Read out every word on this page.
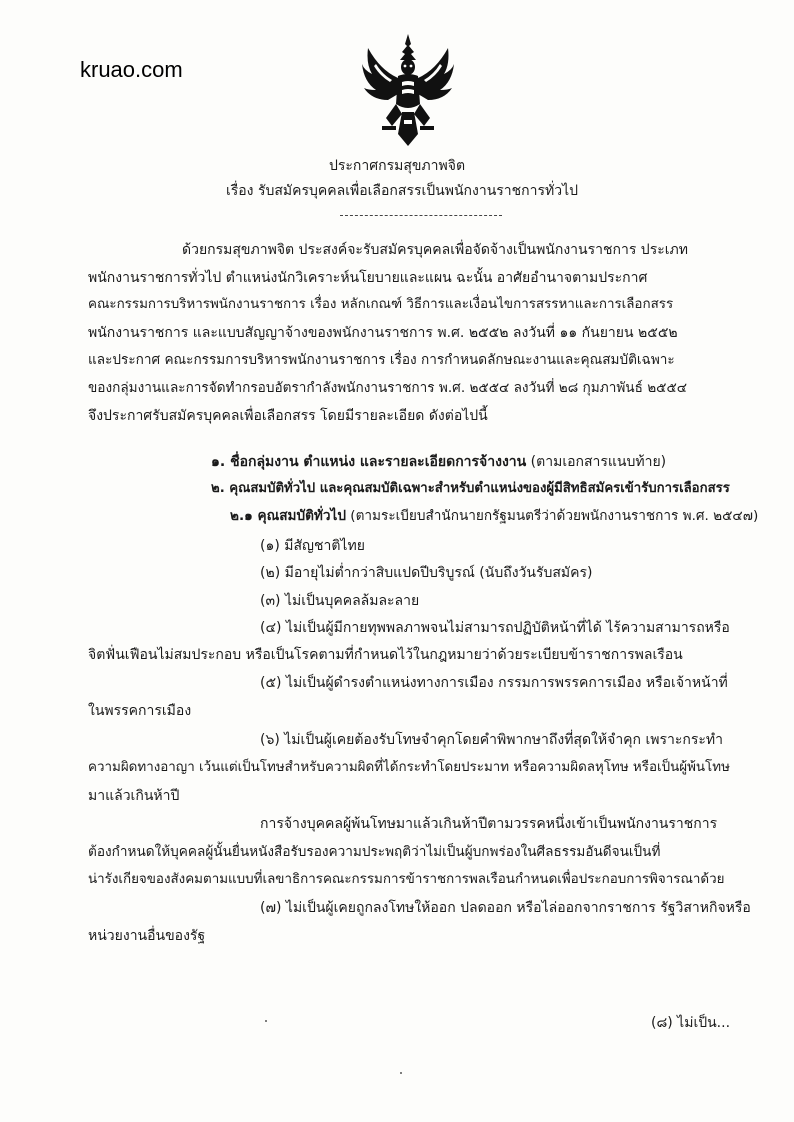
kruao.com
ประกาศกรมสุขภาพจิต
เรื่อง รับสมัครบุคคลเพื่อเลือกสรรเป็นพนักงานราชการทั่วไป
ด้วยกรมสุขภาพจิต ประสงค์จะรับสมัครบุคคลเพื่อจัดจ้างเป็นพนักงานราชการ ประเภท
พนักงานราชการทั่วไป ตำแหน่งนักวิเคราะห์นโยบายและแผน ฉะนั้น อาศัยอำนาจตามประกาศ
คณะกรรมการบริหารพนักงานราชการ เรื่อง หลักเกณฑ์ วิธีการและเงื่อนไขการสรรหาและการเลือกสรร
พนักงานราชการ และแบบสัญญาจ้างของพนักงานราชการ พ.ศ. ๒๕๕๒ ลงวันที่ ๑๑ กันยายน ๒๕๕๒
และประกาศ คณะกรรมการบริหารพนักงานราชการ เรื่อง การกำหนดลักษณะงานและคุณสมบัติเฉพาะ
ของกลุ่มงานและการจัดทำกรอบอัตรากำลังพนักงานราชการ พ.ศ. ๒๕๕๔ ลงวันที่ ๒๘ กุมภาพันธ์ ๒๕๕๔
จึงประกาศรับสมัครบุคคลเพื่อเลือกสรร โดยมีรายละเอียด ดังต่อไปนี้
๑. ชื่อกลุ่มงาน ตำแหน่ง และรายละเอียดการจ้างงาน (ตามเอกสารแนบท้าย)
๒. คุณสมบัติทั่วไป และคุณสมบัติเฉพาะสำหรับตำแหน่งของผู้มีสิทธิสมัครเข้ารับการเลือกสรร
๒.๑ คุณสมบัติทั่วไป (ตามระเบียบสำนักนายกรัฐมนตรีว่าด้วยพนักงานราชการ พ.ศ. ๒๕๔๗)
(๑) มีสัญชาติไทย
(๒) มีอายุไม่ต่ำกว่าสิบแปดปีบริบูรณ์ (นับถึงวันรับสมัคร)
(๓) ไม่เป็นบุคคลล้มละลาย
(๔) ไม่เป็นผู้มีกายทุพพลภาพจนไม่สามารถปฏิบัติหน้าที่ได้ ไร้ความสามารถหรือ
จิตฟั่นเฟือนไม่สมประกอบ หรือเป็นโรคตามที่กำหนดไว้ในกฎหมายว่าด้วยระเบียบข้าราชการพลเรือน
(๕) ไม่เป็นผู้ดำรงตำแหน่งทางการเมือง กรรมการพรรคการเมือง หรือเจ้าหน้าที่
ในพรรคการเมือง
(๖) ไม่เป็นผู้เคยต้องรับโทษจำคุกโดยคำพิพากษาถึงที่สุดให้จำคุก เพราะกระทำ
ความผิดทางอาญา เว้นแต่เป็นโทษสำหรับความผิดที่ได้กระทำโดยประมาท หรือความผิดลหุโทษ หรือเป็นผู้พ้นโทษ
มาแล้วเกินห้าปี
การจ้างบุคคลผู้พ้นโทษมาแล้วเกินห้าปีตามวรรคหนึ่งเข้าเป็นพนักงานราชการ
ต้องกำหนดให้บุคคลผู้นั้นยื่นหนังสือรับรองความประพฤติว่าไม่เป็นผู้บกพร่องในศีลธรรมอันดีจนเป็นที่
น่ารังเกียจของสังคมตามแบบที่เลขาธิการคณะกรรมการข้าราชการพลเรือนกำหนดเพื่อประกอบการพิจารณาด้วย
(๗) ไม่เป็นผู้เคยถูกลงโทษให้ออก ปลดออก หรือไล่ออกจากราชการ รัฐวิสาหกิจหรือ
หน่วยงานอื่นของรัฐ
(๘) ไม่เป็น...
